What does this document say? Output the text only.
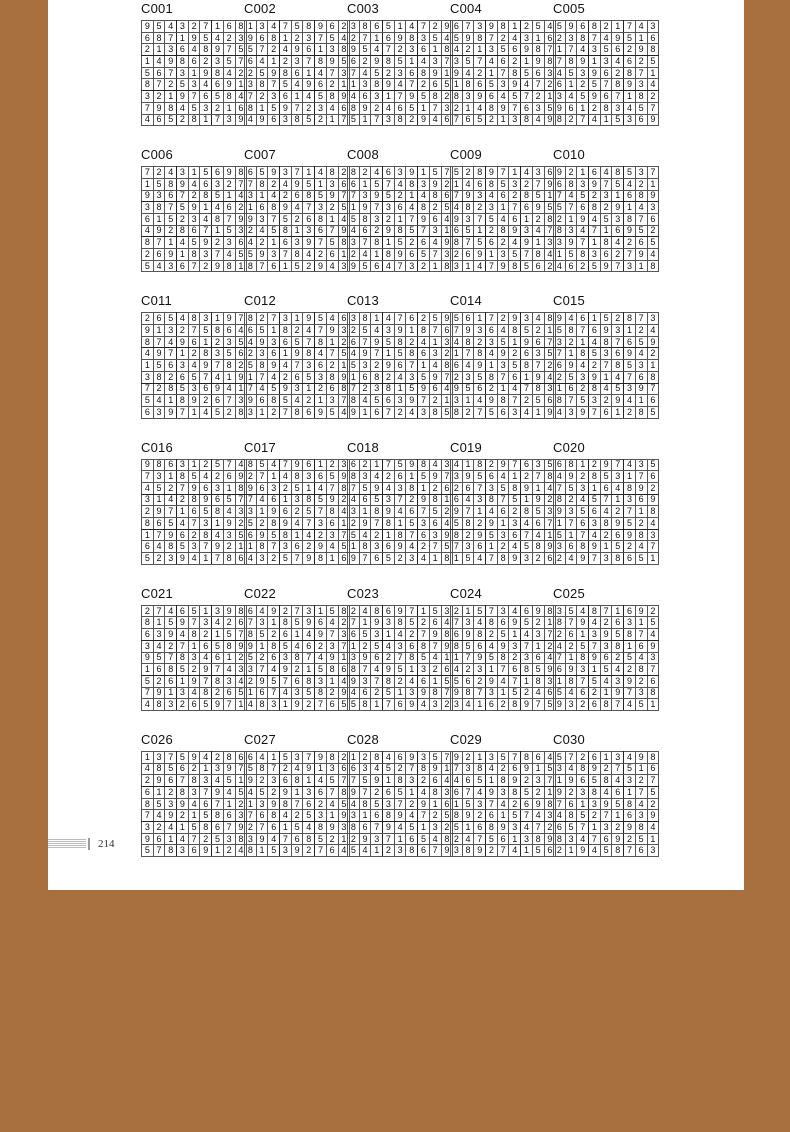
C001
9	5	4	3	2	7	1	6	8
6	8	7	1	9	5	4	2	3
2	1	3	6	4	8	9	7	5
1	4	9	8	6	2	3	5	7
5	6	7	3	1	9	8	4	2
8	7	2	5	3	4	6	9	1
3	2	1	9	7	6	5	8	4
7	9	8	4	5	3	2	1	6
4	6	5	2	8	1	7	3	9
C002
1	3	4	7	5	8	9	6	2
9	6	8	1	2	3	7	5	4
5	7	2	4	9	6	1	3	8
6	4	1	2	3	7	8	9	5
2	5	9	8	6	1	4	7	3
3	8	7	5	4	9	6	2	1
7	2	3	6	1	4	5	8	9
8	1	5	9	7	2	3	4	6
4	9	6	3	8	5	2	1	7
C003
3	8	6	5	1	4	7	2	9
2	7	1	6	9	8	3	5	4
9	5	4	7	2	3	6	1	8
6	2	9	8	5	1	4	3	7
7	4	5	2	3	6	8	9	1
1	3	8	9	4	7	2	6	5
4	6	3	1	7	9	5	8	2
8	9	2	4	6	5	1	7	3
5	1	7	3	8	2	9	4	6
C004
6	7	3	9	8	1	2	5	4
5	9	8	7	2	4	3	1	6
4	2	1	3	5	6	9	8	7
3	5	7	4	6	2	1	9	8
9	4	2	1	7	8	5	6	3
1	8	6	5	3	9	4	7	2
8	3	9	6	4	5	7	2	1
2	1	4	8	9	7	6	3	5
7	6	5	2	1	3	8	4	9
C005
5	9	6	8	2	1	7	4	3
2	3	8	7	4	9	5	1	6
1	7	4	3	5	6	2	9	8
7	8	9	1	3	4	6	2	5
4	5	3	9	6	2	8	7	1
6	1	2	5	7	8	9	3	4
3	4	5	9	6	7	1	8	2
9	6	1	2	8	3	4	5	7
8	2	7	4	1	5	3	6	9
C006
7	2	4	3	1	5	6	9	8
1	5	8	9	4	6	3	2	7
9	3	6	7	2	8	5	1	4
3	8	7	5	9	1	4	6	2
6	1	5	2	3	4	8	7	9
4	9	2	8	6	7	1	5	3
8	7	1	4	5	9	2	3	6
2	6	9	1	8	3	7	4	5
5	4	3	6	7	2	9	8	1
C007
6	5	9	3	7	1	4	8	2
7	8	2	4	9	5	1	3	6
3	1	4	2	6	8	5	9	7
1	6	8	9	4	7	3	2	5
9	3	7	5	2	6	8	1	4
2	4	5	8	1	3	6	7	9
4	2	1	6	3	9	7	5	8
5	9	3	7	8	4	2	6	1
8	7	6	1	5	2	9	4	3
C008
8	2	4	6	3	9	1	5	7
6	1	5	7	4	8	3	9	2
7	3	9	5	2	1	4	8	6
1	9	7	3	6	4	8	2	5
5	8	3	2	1	7	9	6	4
4	6	2	9	8	5	7	3	1
3	7	8	1	5	2	6	4	9
2	4	1	8	9	6	5	7	3
9	5	6	4	7	3	2	1	8
C009
5	2	8	9	7	1	4	3	6
1	4	6	8	5	3	2	7	9
7	9	3	4	6	2	8	5	1
4	8	2	3	1	7	6	9	5
9	3	7	5	4	6	1	2	8
6	5	1	2	8	9	3	4	7
8	7	5	6	2	4	9	1	3
2	6	9	1	3	5	7	8	4
3	1	4	7	9	8	5	6	2
C010
9	2	1	6	4	8	5	3	7
6	8	3	9	7	5	4	2	1
7	4	5	2	3	1	6	8	9
5	7	6	8	2	9	1	4	3
2	1	9	4	5	3	8	7	6
8	3	4	7	1	6	9	5	2
3	9	7	1	8	4	2	6	5
1	5	8	3	6	2	7	9	4
4	6	2	5	9	7	3	1	8
C011
2	6	5	4	8	3	1	9	7
9	1	3	2	7	5	8	6	4
8	7	4	9	6	1	2	3	5
4	9	7	1	2	8	3	5	6
1	5	6	3	4	9	7	8	2
3	8	2	6	5	7	4	1	9
7	2	8	5	3	6	9	4	1
5	4	1	8	9	2	6	7	3
6	3	9	7	1	4	5	2	8
C012
8	2	7	3	1	9	5	4	6
6	5	1	8	2	4	7	9	3
4	9	3	6	5	7	8	1	2
2	3	6	1	9	8	4	7	5
5	8	9	4	7	3	6	2	1
1	7	4	2	6	5	3	8	9
7	4	5	9	3	1	2	6	8
9	6	8	5	4	2	1	3	7
3	1	2	7	8	6	9	5	4
C013
3	8	1	4	7	6	2	5	9
2	5	4	3	9	1	8	7	6
6	7	9	5	8	2	4	1	3
4	9	7	1	5	8	6	3	2
5	3	2	9	6	7	1	4	8
1	6	8	2	4	3	5	9	7
7	2	3	8	1	5	9	6	4
8	4	5	6	3	9	7	2	1
9	1	6	7	2	4	3	8	5
C014
5	6	1	7	2	9	3	4	8
7	9	3	6	4	8	5	2	1
4	8	2	3	5	1	9	6	7
1	7	8	4	9	2	6	3	5
6	4	9	1	3	5	8	7	2
2	3	5	8	7	6	1	9	4
9	5	6	2	1	4	7	8	3
3	1	4	9	8	7	2	5	6
8	2	7	5	6	3	4	1	9
C015
9	4	6	1	5	2	8	7	3
5	8	7	6	9	3	1	2	4
3	2	1	4	8	7	6	5	9
7	1	8	5	3	6	9	4	2
6	9	4	2	7	8	5	3	1
2	5	3	9	1	4	7	6	8
1	6	2	8	4	5	3	9	7
8	7	5	3	2	9	4	1	6
4	3	9	7	6	1	2	8	5
C016
9	8	6	3	1	2	5	7	4
7	3	1	8	5	4	2	6	9
4	5	2	7	9	6	3	1	8
3	1	4	2	8	9	6	5	7
2	9	7	1	6	5	8	4	3
8	6	5	4	7	3	1	9	2
1	7	9	6	2	8	4	3	5
6	4	8	5	3	7	9	2	1
5	2	3	9	4	1	7	8	6
C017
8	5	4	7	9	6	1	2	3
2	7	1	4	8	3	6	5	9
9	6	3	2	5	1	4	7	8
7	4	6	1	3	8	5	9	2
3	1	9	6	2	5	7	8	4
5	2	8	9	4	7	3	6	1
6	9	5	8	1	4	2	3	7
1	8	7	3	6	2	9	4	5
4	3	2	5	7	9	8	1	6
C018
6	2	1	7	5	9	8	4	3
8	3	4	2	6	1	5	9	7
7	5	9	4	3	8	1	2	6
4	6	5	3	7	2	9	8	1
3	1	8	9	4	6	7	5	2
2	9	7	8	1	5	3	6	4
5	4	2	1	8	7	6	3	9
1	8	3	6	9	4	2	7	5
9	7	6	5	2	3	4	1	8
C019
4	1	8	2	9	7	6	3	5
3	9	5	6	4	1	2	7	8
2	6	7	3	5	8	9	1	4
6	4	3	8	7	5	1	9	2
9	7	1	4	6	2	8	5	3
5	8	2	9	1	3	4	6	7
8	2	9	5	3	6	7	4	1
7	3	6	1	2	4	5	8	9
1	5	4	7	8	9	3	2	6
C020
6	8	1	2	9	7	4	3	5
4	9	2	8	5	3	1	7	6
7	5	3	1	6	4	8	9	2
8	2	4	5	7	1	3	6	9
9	3	5	6	4	2	7	1	8
1	7	6	3	8	9	5	2	4
5	1	7	4	2	6	9	8	3
3	6	8	9	1	5	2	4	7
2	4	9	7	3	8	6	5	1
C021
2	7	4	6	5	1	3	9	8
8	1	5	9	7	3	4	2	6
6	3	9	4	8	2	1	5	7
3	4	2	7	1	6	5	8	9
9	5	7	8	3	4	6	1	2
1	6	8	5	2	9	7	4	3
5	2	6	1	9	7	8	3	4
7	9	1	3	4	8	2	6	5
4	8	3	2	6	5	9	7	1
C022
6	4	9	2	7	3	1	5	8
7	3	1	8	5	9	6	4	2
8	5	2	6	1	4	9	7	3
9	1	8	5	4	6	2	3	7
5	2	6	3	8	7	4	9	1
3	7	4	9	2	1	5	8	6
2	9	5	7	6	8	3	1	4
1	6	7	4	3	5	8	2	9
4	8	3	1	9	2	7	6	5
C023
2	4	8	6	9	7	1	5	3
7	1	9	3	8	5	2	6	4
6	5	3	1	4	2	7	9	8
1	2	5	4	3	6	8	7	9
3	9	6	2	7	8	5	4	1
8	7	4	9	5	1	3	2	6
9	3	7	8	2	4	6	1	5
4	6	2	5	1	3	9	8	7
5	8	1	7	6	9	4	3	2
C024
2	1	5	7	3	4	6	9	8
7	3	4	8	6	9	5	2	1
6	9	8	2	5	1	4	3	7
8	5	6	4	9	3	7	1	2
1	7	9	5	8	2	3	6	4
4	2	3	1	7	6	8	5	9
5	6	2	9	4	7	1	8	3
9	8	7	3	1	5	2	4	6
3	4	1	6	2	8	9	7	5
C025
3	5	4	8	7	1	6	9	2
8	7	9	4	2	6	3	1	5
2	6	1	3	9	5	8	7	4
4	2	5	7	3	8	1	6	9
7	1	8	9	6	2	5	4	3
6	9	3	1	5	4	2	8	7
1	8	7	5	4	3	9	2	6
5	4	6	2	1	9	7	3	8
9	3	2	6	8	7	4	5	1
C026
1	3	7	5	9	4	2	8	6
4	8	5	6	2	1	3	9	7
2	9	6	7	8	3	4	5	1
6	1	2	8	3	7	9	4	5
8	5	3	9	4	6	7	1	2
7	4	9	2	1	5	8	6	3
3	2	4	1	5	8	6	7	9
9	6	1	4	7	2	5	3	8
5	7	8	3	6	9	1	2	4
C027
6	4	1	5	3	7	9	8	2
5	8	7	2	4	9	1	3	6
9	2	3	6	8	1	4	5	7
4	5	2	9	1	3	6	7	8
1	3	9	8	7	6	2	4	5
7	6	8	4	2	5	3	1	9
2	7	6	1	5	4	8	9	3
3	9	4	7	6	8	5	2	1
8	1	5	3	9	2	7	6	4
C028
1	2	8	4	6	9	3	5	7
6	3	4	5	2	7	8	9	1
7	5	9	1	8	3	2	6	4
9	7	2	6	5	1	4	8	3
4	8	5	3	7	2	9	1	6
3	1	6	8	9	4	7	2	5
8	6	7	9	4	5	1	3	2
2	9	3	7	1	6	5	4	8
5	4	1	2	3	8	6	7	9
C029
9	2	1	3	5	7	8	6	4
7	3	8	4	2	6	9	1	5
4	6	5	1	8	9	2	3	7
6	7	4	9	3	8	5	2	1
1	5	3	7	4	2	6	9	8
8	9	2	6	1	5	7	4	3
5	1	6	8	9	3	4	7	2
2	4	7	5	6	1	3	8	9
3	8	9	2	7	4	1	5	6
C030
5	7	2	6	1	3	4	9	8
3	4	8	9	2	7	5	1	6
1	9	6	5	8	4	3	2	7
9	2	3	8	4	6	1	7	5
7	6	1	3	9	5	8	4	2
4	8	5	2	7	1	6	3	9
6	5	7	1	3	2	9	8	4
8	3	4	7	6	9	2	5	1
2	1	9	4	5	8	7	6	3
214
